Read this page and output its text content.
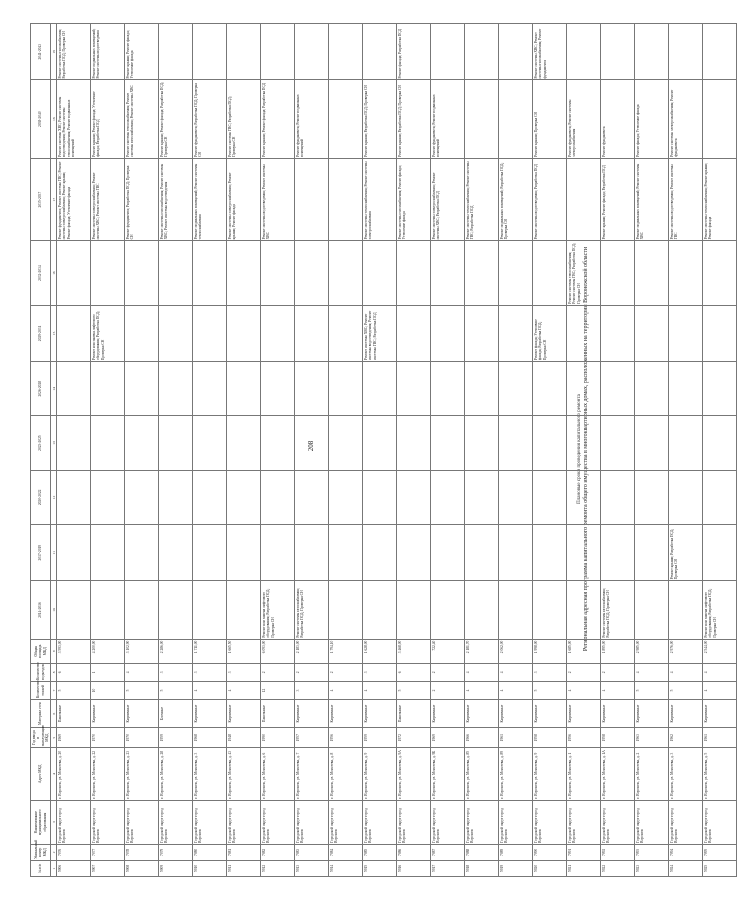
208	Региональная адресная программа капитального ремонта общего имущества в многоквартирных домах, расположенных на территории Воронежской области
Плановые сроки проведения капитального ремонта
№ п/п	Уникальный номер МКД	Наименование муниципального образования	Адрес МКД	Год ввода в эксплуатацию МКД	Материал стен	Количество этажей	Количество подъездов	Общая площадь МКД	2014-2016	2017-2019	2020-2022	2023-2025	2026-2028	2029-2031	2032-2034	2035-2037	2038-2040	2041-2043
1	2	3	4	5	6	7	8	9	10	11	12	13	14	15	16	17	18	19
5906	7076	Городской округ город Воронеж	г. Воронеж, ул. Моисеева, д. 20	1969	Панельные	5	6	3 593,00								Ремонт фундамента; Ремонт системы ГВС; Ремонт системы электроснабжения; Ремонт крыши; Ремонт фасада; Утепление фасада	Ремонт системы ХВС; Ремонт системы водоотведения; Ремонт системы теплоснабжения; Ремонт подвальных помещений	Ремонт системы газоснабжения; Разработка ПСД; Проверка СН
5907	7077	Городской округ город Воронеж	г. Воронеж, ул. Моисеева, д. 22	1970	Кирпичные	10	1	4 200,00						Ремонт или замена лифтового оборудования; Разработка ПСД; Проверка СН		Ремонт системы электроснабжения; Ремонт системы ХВС; Ремонт системы ГВС	Ремонт крыши; Ремонт фасада; Утепление фасада; Разработка ПСД	Ремонт подвальных помещений; Ремонт системы водоотведения
5908	7078	Городской округ город Воронеж	г. Воронеж, ул. Моисеева, д. 23	1970	Кирпичные	5	4	3 102,90								Ремонт фундамента; Разработка ПСД; Проверка СН	Ремонт системы теплоснабжения; Ремонт системы газоснабжения; Ремонт системы ХВС	Ремонт крыши; Ремонт фасада; Утепление фасада
5909	7079	Городской округ город Воронеж	г. Воронеж, ул. Моисеева, д. 28	1959	Блочные	5	3	2 286,00								Ремонт системы газоснабжения; Ремонт системы ХВС; Ремонт системы водоотведения	Ремонт крыши; Ремонт фасада; Разработка ПСД; Проверка СН	
5910	7080	Городской округ город Воронеж	г. Воронеж, ул. Моисеева, д. 3	1968	Кирпичные	4	3	1 711,00								Ремонт подвальных помещений; Ремонт системы теплоснабжения	Ремонт фундамента; Разработка ПСД; Проверка СН	
5911	7081	Городской округ город Воронеж	г. Воронеж, ул. Моисеева, д. 43	1948	Кирпичные	4	3	1 665,50								Ремонт системы электроснабжения; Ремонт крыши; Ремонт фасада	Ремонт системы ГВС; Разработка ПСД; Проверка СН	
5912	7082	Городской округ город Воронеж	г. Воронеж, ул. Моисеева, д. 6	1990	Панельные	12	2	6 093,00	Ремонт или замена лифтового оборудования; Разработка ПСД; Проверка СН							Ремонт системы водоотведения; Ремонт системы ХВС	Ремонт крыши; Ремонт фасада; Разработка ПСД	
5913	7083	Городской округ город Воронеж	г. Воронеж, ул. Моисеева, д. 7	1957	Кирпичные	3	2	2 183,00	Ремонт системы газоснабжения; Разработка ПСД; Проверка СН								Ремонт фундамента; Ремонт подвальных помещений	
5914	7084	Городской округ город Воронеж	г. Воронеж, ул. Моисеева, д. 8	1956	Кирпичные	4	2	1 794,10										
5915	7085	Городской округ город Воронеж	г. Воронеж, ул. Моисеева, д. 9	1959	Кирпичные	4	3	1 628,00						Ремонт системы ХВС; Ремонт системы водоотведения; Ремонт системы ГВС; Разработка ПСД		Ремонт системы теплоснабжения; Ремонт системы электроснабжения	Ремонт крыши; Разработка ПСД; Проверка СН	
5916	7086	Городской округ город Воронеж	г. Воронеж, ул. Моисеева, д. 9А	1972	Панельные	5	6	3 468,00								Ремонт системы газоснабжения; Ремонт фасада; Утепление фасада	Ремонт крыши; Разработка ПСД; Проверка СН	Ремонт фасада; Разработка ПСД
5917	7087	Городской округ город Воронеж	г. Воронеж, ул. Моисеева, д. 9Б	1969	Кирпичные	2	2	722,40								Ремонт системы электроснабжения; Ремонт системы ХВС; Разработка ПСД	Ремонт фундамента; Ремонт подвальных помещений	
5918	7088	Городской округ город Воронеж	г. Воронеж, ул. Моисеева, д. 85	1966	Кирпичные	4	4	2 181,70								Ремонт системы теплоснабжения; Ремонт системы ГВС; Разработка ПСД		
5919	7089	Городской округ город Воронеж	г. Воронеж, ул. Моисеева, д. 89	1961	Кирпичные	4	4	2 062,00								Ремонт подвальных помещений; Разработка ПСД; Проверка СН		
5920	7090	Городской округ город Воронеж	г. Воронеж, ул. Моисеева, д. 9	1958	Кирпичные	5	3	1 998,00						Ремонт фасада; Утепление фасада; Разработка ПСД; Проверка СН		Ремонт системы водоотведения; Разработка ПСД	Ремонт крыши; Проверка СН	Ремонт системы ХВС; Ремонт системы газоснабжения; Ремонт фундамента
5921	7091	Городской округ город Воронеж	г. Воронеж, ул. Моисеева, д. 1	1956	Кирпичные	4	2	1 685,00							Ремонт системы теплоснабжения; Ремонт системы ГВС; Разработка ПСД; Проверка СН		Ремонт фундамента; Ремонт системы электроснабжения	
5922	7092	Городской округ город Воронеж	г. Воронеж, ул. Моисеева, д. 1А	1958	Кирпичные	4	2	1 895,00	Ремонт системы газоснабжения; Разработка ПСД; Проверка СН							Ремонт крыши; Ремонт фасада; Разработка ПСД	Ремонт фундамента	
5923	7093	Городской округ город Воронеж	г. Воронеж, ул. Моисеева, д. 2	1963	Кирпичные	5	4	2 985,00								Ремонт подвальных помещений; Ремонт системы ХВС	Ремонт фасада; Утепление фасада	
5924	7094	Городской округ город Воронеж	г. Воронеж, ул. Моисеева, д. 3	1962	Кирпичные	5	4	2 976,00		Ремонт крыши; Разработка ПСД; Проверка СН						Ремонт системы водоотведения; Ремонт системы ГВС	Ремонт системы электроснабжения; Ремонт фундамента	
5925	7095	Городской округ город Воронеж	г. Воронеж, ул. Моисеева, д. 5	1961	Кирпичные	4	4	2 544,00	Ремонт или замена лифтового оборудования; Разработка ПСД; Проверка СН							Ремонт системы теплоснабжения; Ремонт крыши; Ремонт фасада		
